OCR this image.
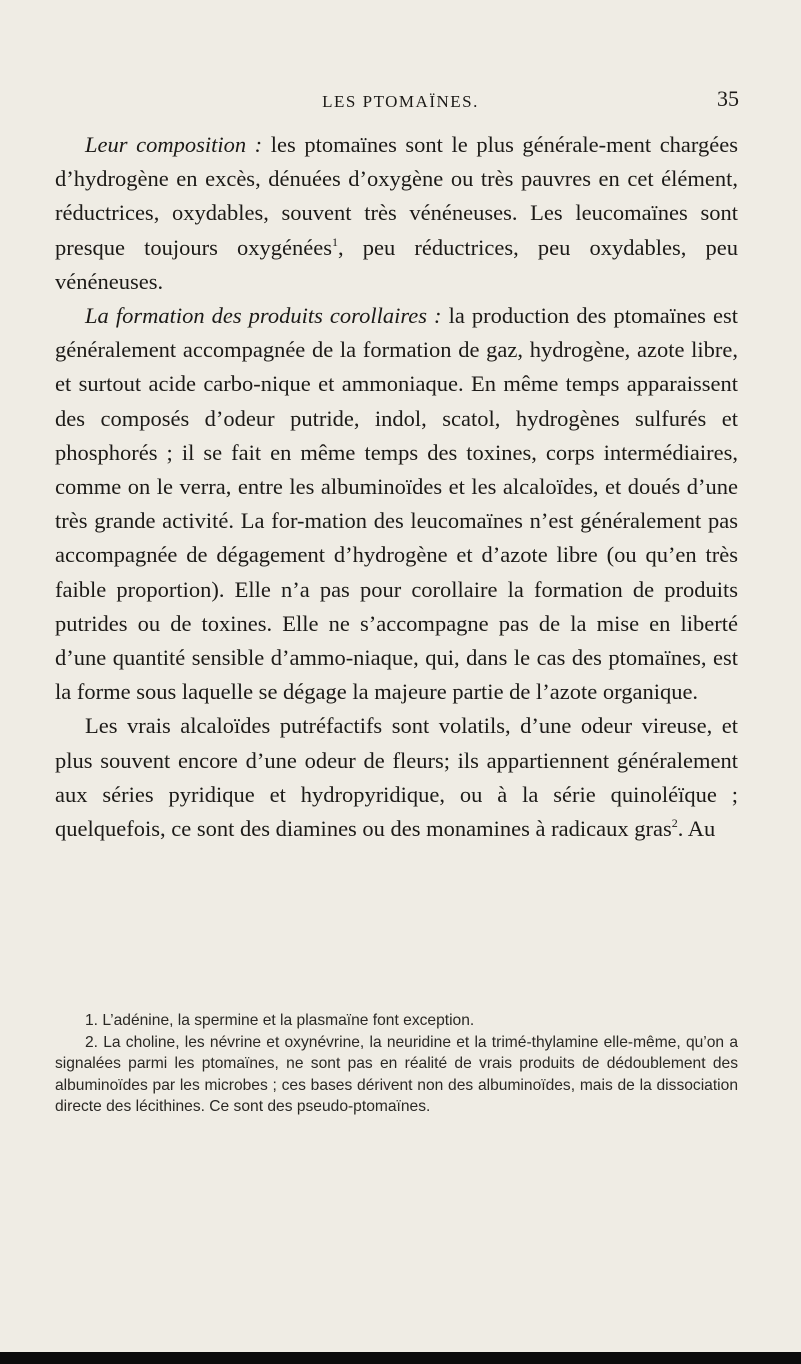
LES PTOMAÏNES.	35

Leur composition : les ptomaïnes sont le plus générale-ment chargées d’hydrogène en excès, dénuées d’oxygène ou très pauvres en cet élément, réductrices, oxydables, souvent très vénéneuses. Les leucomaïnes sont presque toujours oxygénées$^1$, peu réductrices, peu oxydables, peu vénéneuses.

La formation des produits corollaires : la production des ptomaïnes est généralement accompagnée de la formation de gaz, hydrogène, azote libre, et surtout acide carbo-nique et ammoniaque. En même temps apparaissent des composés d’odeur putride, indol, scatol, hydrogènes sulfurés et phosphorés ; il se fait en même temps des toxines, corps intermédiaires, comme on le verra, entre les albuminoïdes et les alcaloïdes, et doués d’une très grande activité. La for-mation des leucomaïnes n’est généralement pas accompagnée de dégagement d’hydrogène et d’azote libre (ou qu’en très faible proportion). Elle n’a pas pour corollaire la formation de produits putrides ou de toxines. Elle ne s’accompagne pas de la mise en liberté d’une quantité sensible d’ammo-niaque, qui, dans le cas des ptomaïnes, est la forme sous laquelle se dégage la majeure partie de l’azote organique.

Les vrais alcaloïdes putréfactifs sont volatils, d’une odeur vireuse, et plus souvent encore d’une odeur de fleurs; ils appartiennent généralement aux séries pyridique et hydropyridique, ou à la série quinoléïque ; quelquefois, ce sont des diamines ou des monamines à radicaux gras$^2$. Au

1. L’adénine, la spermine et la plasmaïne font exception.

2. La choline, les névrine et oxynévrine, la neuridine et la trimé-thylamine elle-même, qu’on a signalées parmi les ptomaïnes, ne sont pas en réalité de vrais produits de dédoublement des albuminoïdes par les microbes ; ces bases dérivent non des albuminoïdes, mais de la dissociation directe des lécithines. Ce sont des pseudo-ptomaïnes.
